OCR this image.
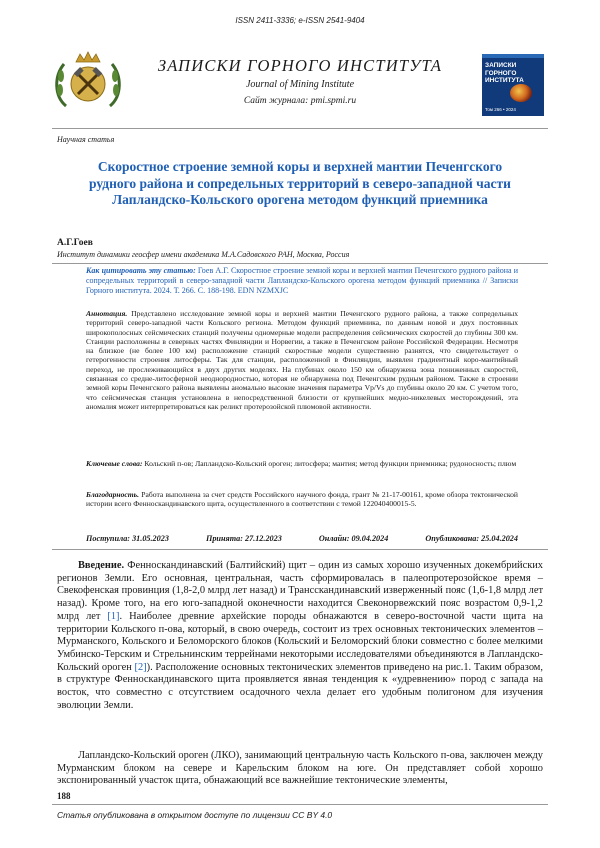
ISSN 2411-3336; e-ISSN 2541-9404
ЗАПИСКИ ГОРНОГО ИНСТИТУТА
Journal of Mining Institute
Сайт журнала: pmi.spmi.ru
ЗАПИСКИ
ГОРНОГО
ИНСТИТУТА
Том 266 • 2024
Научная статья
Скоростное строение земной коры и верхней мантии Печенгского рудного района и сопредельных территорий в северо-западной части Лапландско-Кольского орогена методом функций приемника
А.Г.Гоев
Институт динамики геосфер имени академика М.А.Садовского РАН, Москва, Россия
Как цитировать эту статью: Гоев А.Г. Скоростное строение земной коры и верхней мантии Печенгского рудного района и сопредельных территорий в северо-западной части Лапландско-Кольского орогена методом функций приемника // Записки Горного института. 2024. Т. 266. С. 188-198. EDN NZMXJC
Аннотация. Представлено исследование земной коры и верхней мантии Печенгского рудного района, а также сопредельных территорий северо-западной части Кольского региона. Методом функций приемника, по данным новой и двух постоянных широкополосных сейсмических станций получены одномерные модели распределения сейсмических скоростей до глубины 300 км. Станции расположены в северных частях Финляндии и Норвегии, а также в Печенгском районе Российской Федерации. Несмотря на близкое (не более 100 км) расположение станций скоростные модели существенно разнятся, что свидетельствует о гетерогенности строения литосферы. Так для станции, расположенной в Финляндии, выявлен градиентный коро-мантийный переход, не прослеживающийся в двух других моделях. На глубинах около 150 км обнаружена зона пониженных скоростей, связанная со средне-литосферной неоднородностью, которая не обнаружена под Печенгским рудным районом. Также в строении земной коры Печенгского района выявлены аномально высокие значения параметра Vp/Vs до глубины около 20 км. С учетом того, что сейсмическая станция установлена в непосредственной близости от крупнейших медно-никелевых месторождений, эта аномалия может интерпретироваться как реликт протерозойской плюмовой активности.
Ключевые слова: Кольский п-ов; Лапландско-Кольский ороген; литосфера; мантия; метод функции приемника; рудоносность; плюм
Благодарность. Работа выполнена за счет средств Российского научного фонда, грант № 21-17-00161, кроме обзора тектонической истории всего Фенноскандинавского щита, осуществленного в соответствии с темой 122040400015-5.
Поступила: 31.05.2023	Принята: 27.12.2023	Онлайн: 09.04.2024	Опубликована: 25.04.2024
Введение. Фенноскандинавский (Балтийский) щит – один из самых хорошо изученных докембрийских регионов Земли. Его основная, центральная, часть сформировалась в палеопротерозойское время – Свекофенская провинция (1,8-2,0 млрд лет назад) и Трансскандинавский изверженный пояс (1,6-1,8 млрд лет назад). Кроме того, на его юго-западной оконечности находится Свеконорвежский пояс возрастом 0,9-1,2 млрд лет [1]. Наиболее древние архейские породы обнажаются в северо-восточной части щита на территории Кольского п-ова, который, в свою очередь, состоит из трех основных тектонических элементов – Мурманского, Кольского и Беломорского блоков (Кольский и Беломорский блоки совместно с более мелкими Умбинско-Терским и Стрельнинским террейнами некоторыми исследователями объединяются в Лапландско-Кольский ороген [2]). Расположение основных тектонических элементов приведено на рис.1. Таким образом, в структуре Фенноскандинавского щита проявляется явная тенденция к «удревнению» пород с запада на восток, что совместно с отсутствием осадочного чехла делает его удобным полигоном для изучения эволюции Земли.
Лапландско-Кольский ороген (ЛКО), занимающий центральную часть Кольского п-ова, заключен между Мурманским блоком на севере и Карельским блоком на юге. Он представляет собой хорошо экспонированный участок щита, обнажающий все важнейшие тектонические элементы,
188
Статья опубликована в открытом доступе по лицензии CC BY 4.0
